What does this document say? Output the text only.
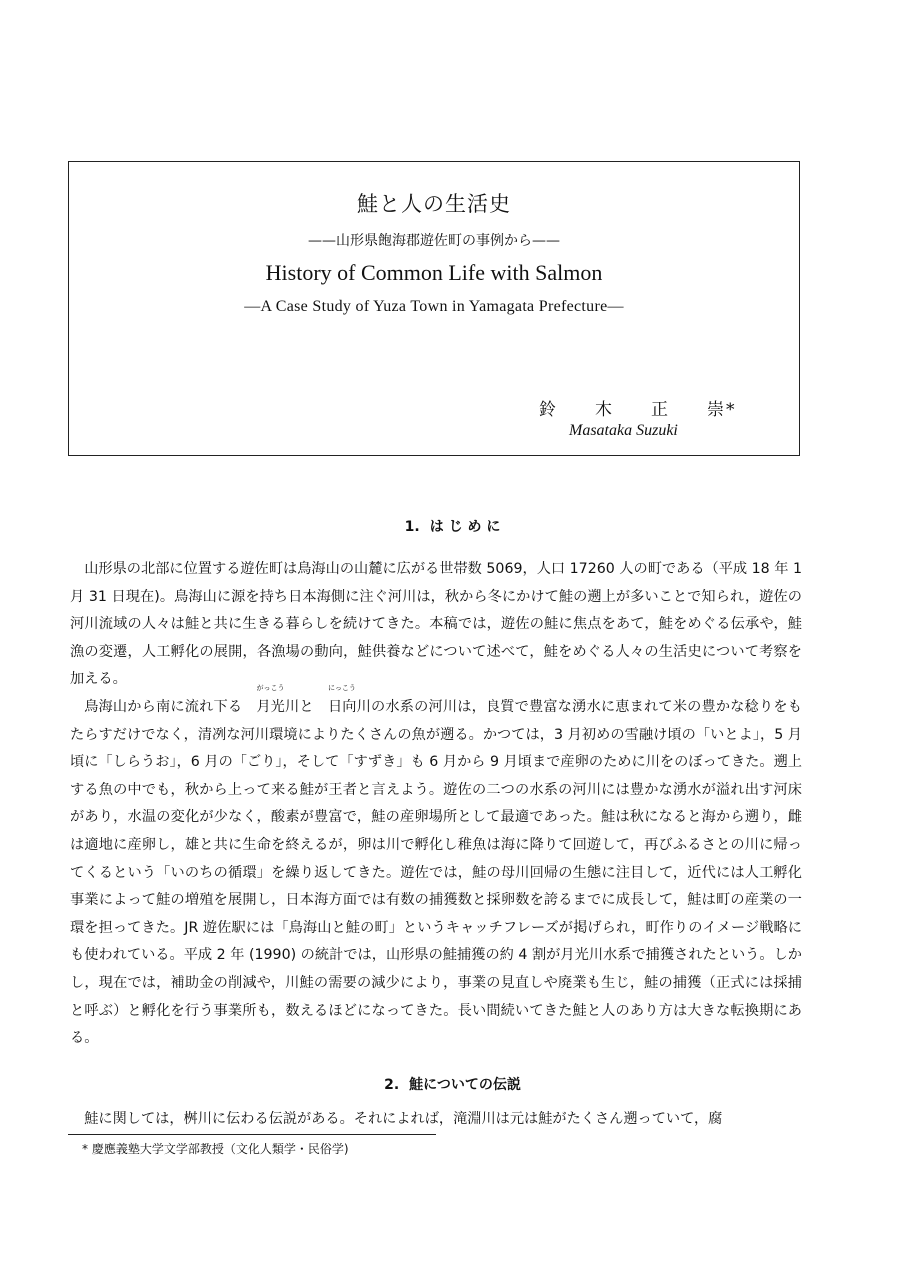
鮭と人の生活史
——山形県飽海郡遊佐町の事例から——
History of Common Life with Salmon
—A Case Study of Yuza Town in Yamagata Prefecture—
鈴 木 正 崇*
Masataka Suzuki
1. は じ め に

山形県の北部に位置する遊佐町は鳥海山の山麓に広がる世帯数 5069，人口 17260 人の町である（平成 18 年 1 月 31 日現在)。鳥海山に源を持ち日本海側に注ぐ河川は，秋から冬にかけて鮭の遡上が多いことで知られ，遊佐の河川流域の人々は鮭と共に生きる暮らしを続けてきた。本稿では，遊佐の鮭に焦点をあて，鮭をめぐる伝承や，鮭漁の変遷，人工孵化の展開，各漁場の動向，鮭供養などについて述べて，鮭をめぐる人々の生活史について考察を加える。

鳥海山から南に流れ下る
がっこう
月光川と
にっこう
日向川の水系の河川は，良質で豊富な湧水に恵まれて米の豊かな稔りをもたらすだけでなく，清冽な河川環境によりたくさんの魚が遡る。かつては，3 月初めの雪融け頃の「いとよ」，5 月頃に「しらうお」，6 月の「ごり」，そして「すずき」も 6 月から 9 月頃まで産卵のために川をのぼってきた。遡上する魚の中でも，秋から上って来る鮭が王者と言えよう。遊佐の二つの水系の河川には豊かな湧水が溢れ出す河床があり，水温の変化が少なく，酸素が豊富で，鮭の産卵場所として最適であった。鮭は秋になると海から遡り，雌は適地に産卵し，雄と共に生命を終えるが，卵は川で孵化し稚魚は海に降りて回遊して，再びふるさとの川に帰ってくるという「いのちの循環」を繰り返してきた。遊佐では，鮭の母川回帰の生態に注目して，近代には人工孵化事業によって鮭の増殖を展開し，日本海方面では有数の捕獲数と採卵数を誇るまでに成長して，鮭は町の産業の一環を担ってきた。JR 遊佐駅には「鳥海山と鮭の町」というキャッチフレーズが掲げられ，町作りのイメージ戦略にも使われている。平成 2 年 (1990) の統計では，山形県の鮭捕獲の約 4 割が月光川水系で捕獲されたという。しかし，現在では，補助金の削減や，川鮭の需要の減少により，事業の見直しや廃業も生じ，鮭の捕獲（正式には採捕と呼ぶ）と孵化を行う事業所も，数えるほどになってきた。長い間続いてきた鮭と人のあり方は大きな転換期にある。

2. 鮭についての伝説

鮭に関しては，桝川に伝わる伝説がある。それによれば，滝淵川は元は鮭がたくさん遡っていて，腐

* 慶應義塾大学文学部教授（文化人類学・民俗学)
